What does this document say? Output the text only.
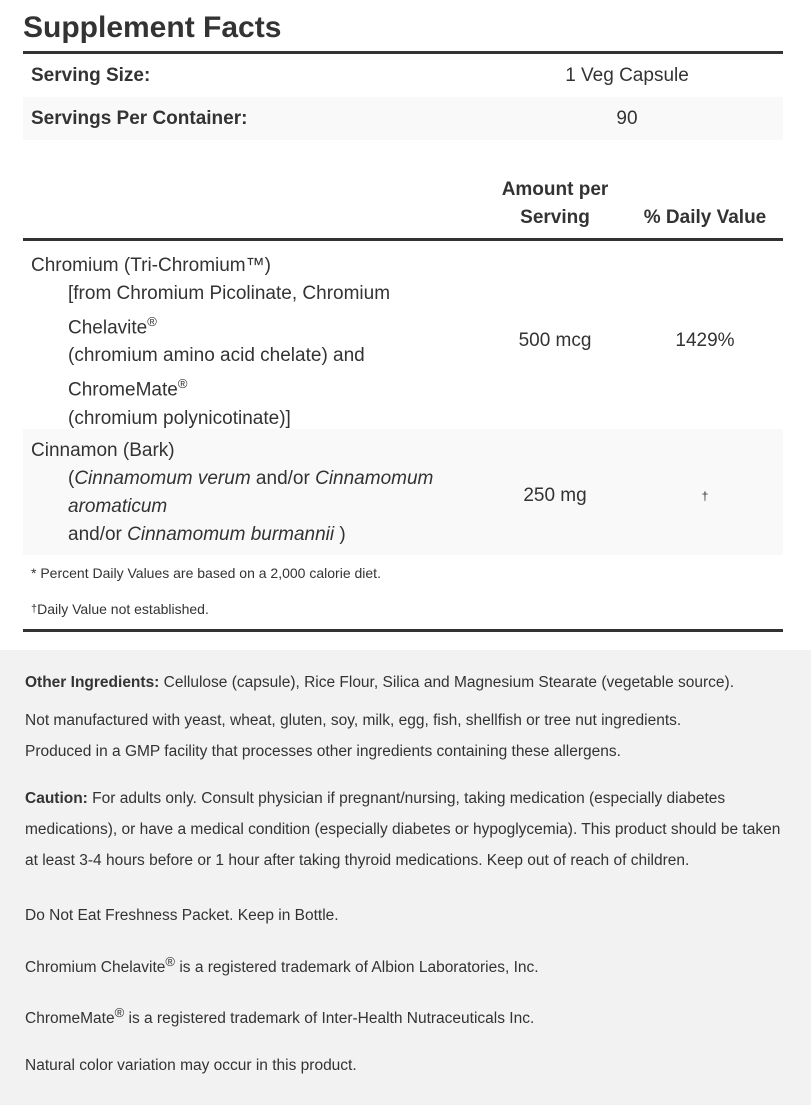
Supplement Facts
Serving Size:	1 Veg Capsule
Servings Per Container:	90
Amount per
Serving	% Daily Value
Chromium (Tri-Chromium™)
[from Chromium Picolinate, Chromium
Chelavite®
(chromium amino acid chelate) and
ChromeMate®
(chromium polynicotinate)]
500 mcg	1429%
Cinnamon (Bark)
(Cinnamomum verum and/or Cinnamomum
aromaticum
and/or Cinnamomum burmannii )
250 mg	†
* Percent Daily Values are based on a 2,000 calorie diet.
† Daily Value not established.

Other Ingredients: Cellulose (capsule), Rice Flour, Silica and Magnesium Stearate (vegetable source).

Not manufactured with yeast, wheat, gluten, soy, milk, egg, fish, shellfish or tree nut ingredients.
Produced in a GMP facility that processes other ingredients containing these allergens.

Caution: For adults only. Consult physician if pregnant/nursing, taking medication (especially diabetes medications), or have a medical condition (especially diabetes or hypoglycemia). This product should be taken at least 3-4 hours before or 1 hour after taking thyroid medications. Keep out of reach of children.

Do Not Eat Freshness Packet. Keep in Bottle.

Chromium Chelavite® is a registered trademark of Albion Laboratories, Inc.

ChromeMate® is a registered trademark of Inter-Health Nutraceuticals Inc.

Natural color variation may occur in this product.
